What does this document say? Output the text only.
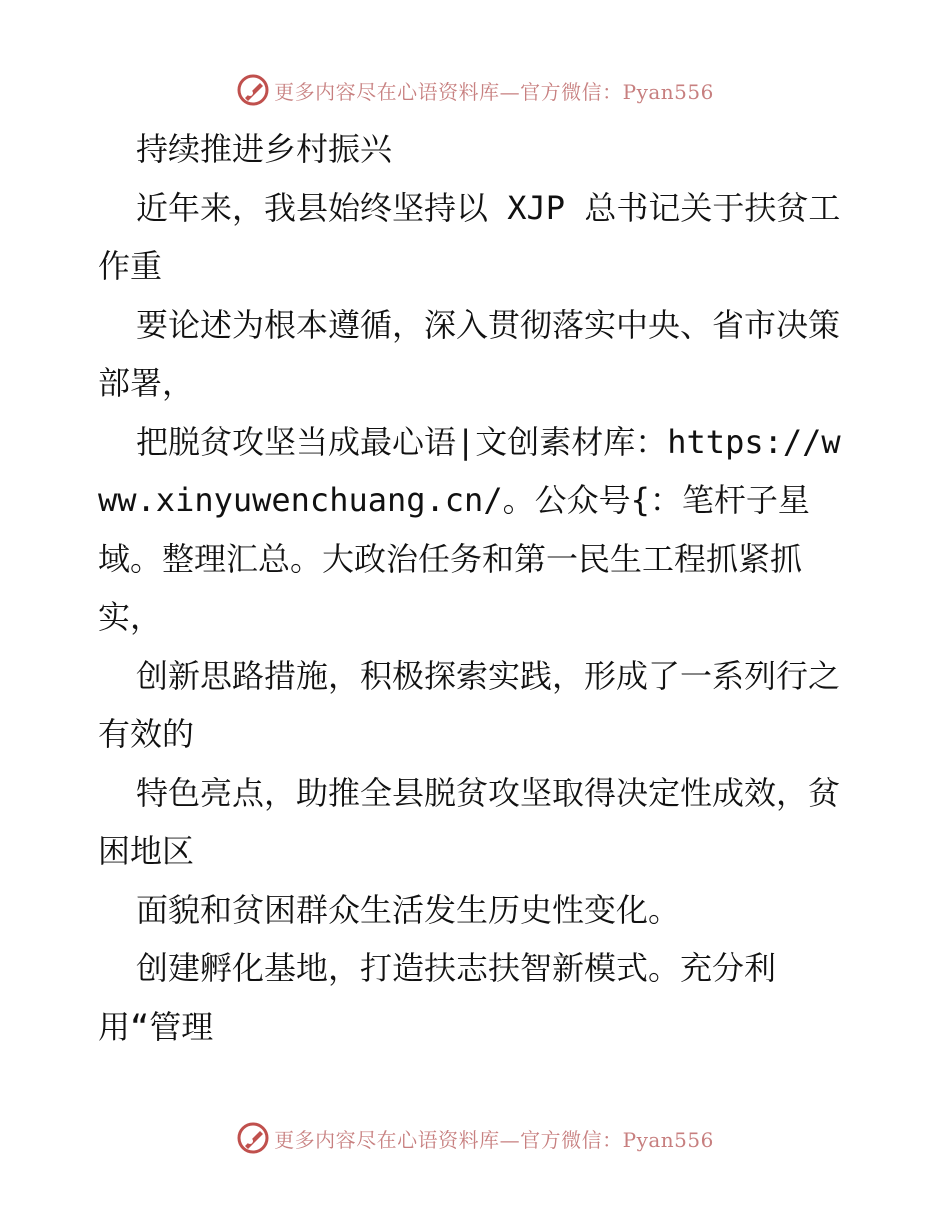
更多内容尽在心语资料库—官方微信：Pyan556

持续推进乡村振兴

近年来，我县始终坚持以 XJP 总书记关于扶贫工作重

要论述为根本遵循，深入贯彻落实中央、省市决策部署，

把脱贫攻坚当成最心语|文创素材库：https://www.xinyuwenchuang.cn/。公众号{：笔杆子星域。整理汇总。大政治任务和第一民生工程抓紧抓实，

创新思路措施，积极探索实践，形成了一系列行之有效的

特色亮点，助推全县脱贫攻坚取得决定性成效，贫困地区

面貌和贫困群众生活发生历史性变化。

创建孵化基地，打造扶志扶智新模式。充分利用“管理

更多内容尽在心语资料库—官方微信：Pyan556
